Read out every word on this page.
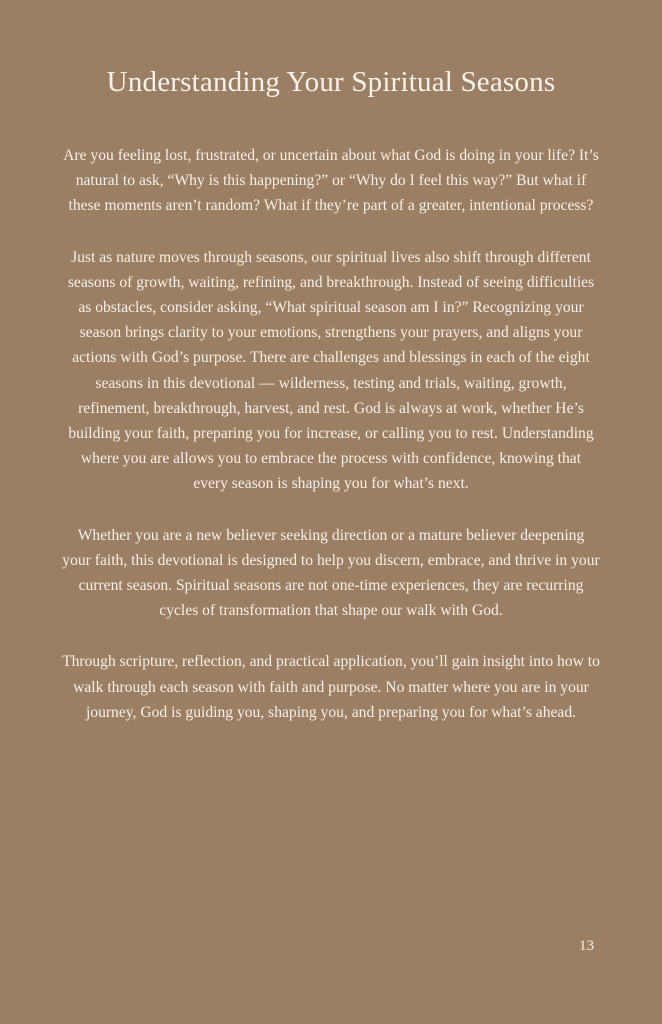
Understanding Your Spiritual Seasons

Are you feeling lost, frustrated, or uncertain about what God is doing in your life? It’s natural to ask, “Why is this happening?” or “Why do I feel this way?” But what if these moments aren’t random? What if they’re part of a greater, intentional process?

Just as nature moves through seasons, our spiritual lives also shift through different seasons of growth, waiting, refining, and breakthrough. Instead of seeing difficulties as obstacles, consider asking, “What spiritual season am I in?” Recognizing your season brings clarity to your emotions, strengthens your prayers, and aligns your actions with God’s purpose. There are challenges and blessings in each of the eight seasons in this devotional — wilderness, testing and trials, waiting, growth, refinement, breakthrough, harvest, and rest. God is always at work, whether He’s building your faith, preparing you for increase, or calling you to rest. Understanding where you are allows you to embrace the process with confidence, knowing that every season is shaping you for what’s next.

Whether you are a new believer seeking direction or a mature believer deepening your faith, this devotional is designed to help you discern, embrace, and thrive in your current season. Spiritual seasons are not one-time experiences, they are recurring cycles of transformation that shape our walk with God.

Through scripture, reflection, and practical application, you’ll gain insight into how to walk through each season with faith and purpose. No matter where you are in your journey, God is guiding you, shaping you, and preparing you for what’s ahead.

13
